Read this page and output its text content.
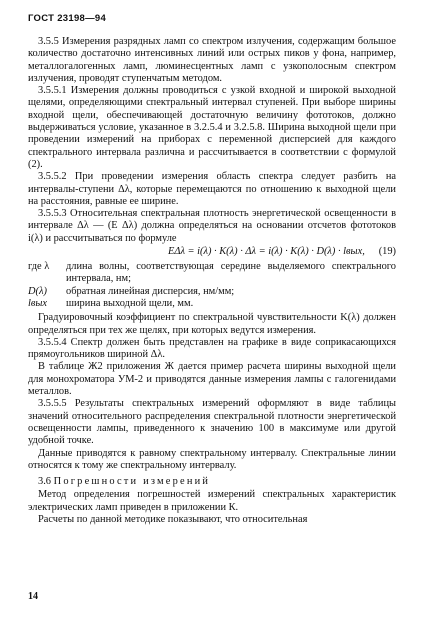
ГОСТ 23198—94

3.5.5 Измерения разрядных ламп со спектром излучения, содержащим большое количество достаточно интенсивных линий или острых пиков у фона, например, металлогалогенных ламп, люминесцентных ламп с узкополосным спектром излучения, проводят ступенчатым методом.

3.5.5.1 Измерения должны проводиться с узкой входной и широкой выходной щелями, определяющими спектральный интервал ступеней. При выборе ширины входной щели, обеспечивающей достаточную величину фототоков, должно выдерживаться условие, указанное в 3.2.5.4 и 3.2.5.8. Ширина выходной щели при проведении измерений на приборах с переменной дисперсией для каждого спектрального интервала различна и рассчитывается в соответствии с формулой (2).

3.5.5.2 При проведении измерения область спектра следует разбить на интервалы-ступени Δλ, которые перемещаются по отношению к выходной щели на расстояния, равные ее ширине.

3.5.5.3 Относительная спектральная плотность энергетической освещенности в интервале Δλ — (E Δλ) должна определяться на основании отсчетов фототоков i(λ) и рассчитываться по формуле

EΔλ = i(λ) · K(λ) · Δλ = i(λ) · K(λ) · D(λ) · lвых, (19)
где λ	длина волны, соответствующая середине выделяемого спектрального интервала, нм;
D(λ)	обратная линейная дисперсия, нм/мм;
lвых	ширина выходной щели, мм.

Градуировочный коэффициент по спектральной чувствительности K(λ) должен определяться при тех же щелях, при которых ведутся измерения.

3.5.5.4 Спектр должен быть представлен на графике в виде соприкасающихся прямоугольников шириной Δλ.

В таблице Ж2 приложения Ж дается пример расчета ширины выходной щели для монохроматора УМ-2 и приводятся данные измерения лампы с галогенидами металлов.

3.5.5.5 Результаты спектральных измерений оформляют в виде таблицы значений относительного распределения спектральной плотности энергетической освещенности лампы, приведенного к значению 100 в максимуме или другой удобной точке.

Данные приводятся к равному спектральному интервалу. Спектральные линии относятся к тому же спектральному интервалу.

3.6 Погрешности измерений

Метод определения погрешностей измерений спектральных характеристик электрических ламп приведен в приложении К.

Расчеты по данной методике показывают, что относительная

14
